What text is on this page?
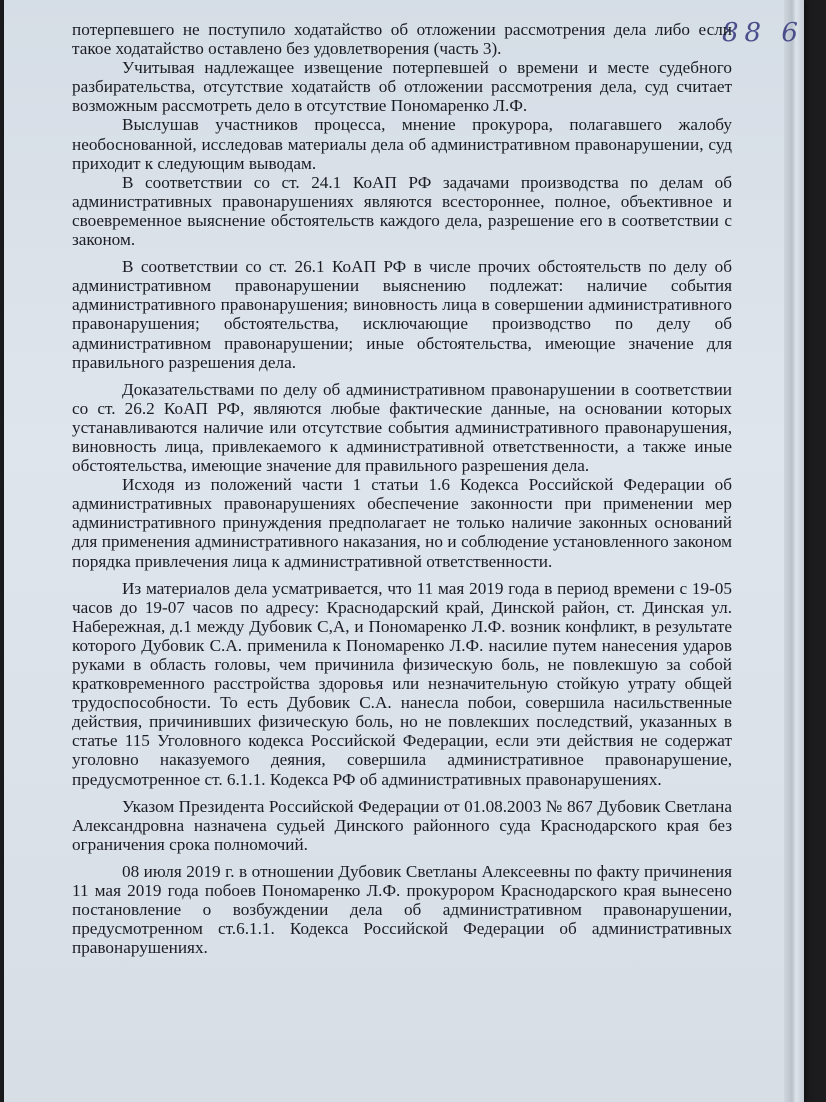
88 6

потерпевшего не поступило ходатайство об отложении рассмотрения дела либо если такое ходатайство оставлено без удовлетворения (часть 3).

Учитывая надлежащее извещение потерпевшей о времени и месте судебного разбирательства, отсутствие ходатайств об отложении рассмотрения дела, суд считает возможным рассмотреть дело в отсутствие Пономаренко Л.Ф.

Выслушав участников процесса, мнение прокурора, полагавшего жалобу необоснованной, исследовав материалы дела об административном правонарушении, суд приходит к следующим выводам.

В соответствии со ст. 24.1 КоАП РФ задачами производства по делам об административных правонарушениях являются всестороннее, полное, объективное и своевременное выяснение обстоятельств каждого дела, разрешение его в соответствии с законом.

В соответствии со ст. 26.1 КоАП РФ в числе прочих обстоятельств по делу об административном правонарушении выяснению подлежат: наличие события административного правонарушения; виновность лица в совершении административного правонарушения; обстоятельства, исключающие производство по делу об административном правонарушении; иные обстоятельства, имеющие значение для правильного разрешения дела.

Доказательствами по делу об административном правонарушении в соответствии со ст. 26.2 КоАП РФ, являются любые фактические данные, на основании которых устанавливаются наличие или отсутствие события административного правонарушения, виновность лица, привлекаемого к административной ответственности, а также иные обстоятельства, имеющие значение для правильного разрешения дела.

Исходя из положений части 1 статьи 1.6 Кодекса Российской Федерации об административных правонарушениях обеспечение законности при применении мер административного принуждения предполагает не только наличие законных оснований для применения административного наказания, но и соблюдение установленного законом порядка привлечения лица к административной ответственности.

Из материалов дела усматривается, что 11 мая 2019 года в период времени с 19-05 часов до 19-07 часов по адресу: Краснодарский край, Динской район, ст. Динская ул. Набережная, д.1 между Дубовик С,А, и Пономаренко Л.Ф. возник конфликт, в результате которого Дубовик С.А. применила к Пономаренко Л.Ф. насилие путем нанесения ударов руками в область головы, чем причинила физическую боль, не повлекшую за собой кратковременного расстройства здоровья или незначительную стойкую утрату общей трудоспособности. То есть Дубовик С.А. нанесла побои, совершила насильственные действия, причинивших физическую боль, но не повлекших последствий, указанных в статье 115 Уголовного кодекса Российской Федерации, если эти действия не содержат уголовно наказуемого деяния, совершила административное правонарушение, предусмотренное ст. 6.1.1. Кодекса РФ об административных правонарушениях.

Указом Президента Российской Федерации от 01.08.2003 № 867 Дубовик Светлана Александровна назначена судьей Динского районного суда Краснодарского края без ограничения срока полномочий.

08 июля 2019 г. в отношении Дубовик Светланы Алексеевны по факту причинения 11 мая 2019 года побоев Пономаренко Л.Ф. прокурором Краснодарского края вынесено постановление о возбуждении дела об административном правонарушении, предусмотренном ст.6.1.1. Кодекса Российской Федерации об административных правонарушениях.
